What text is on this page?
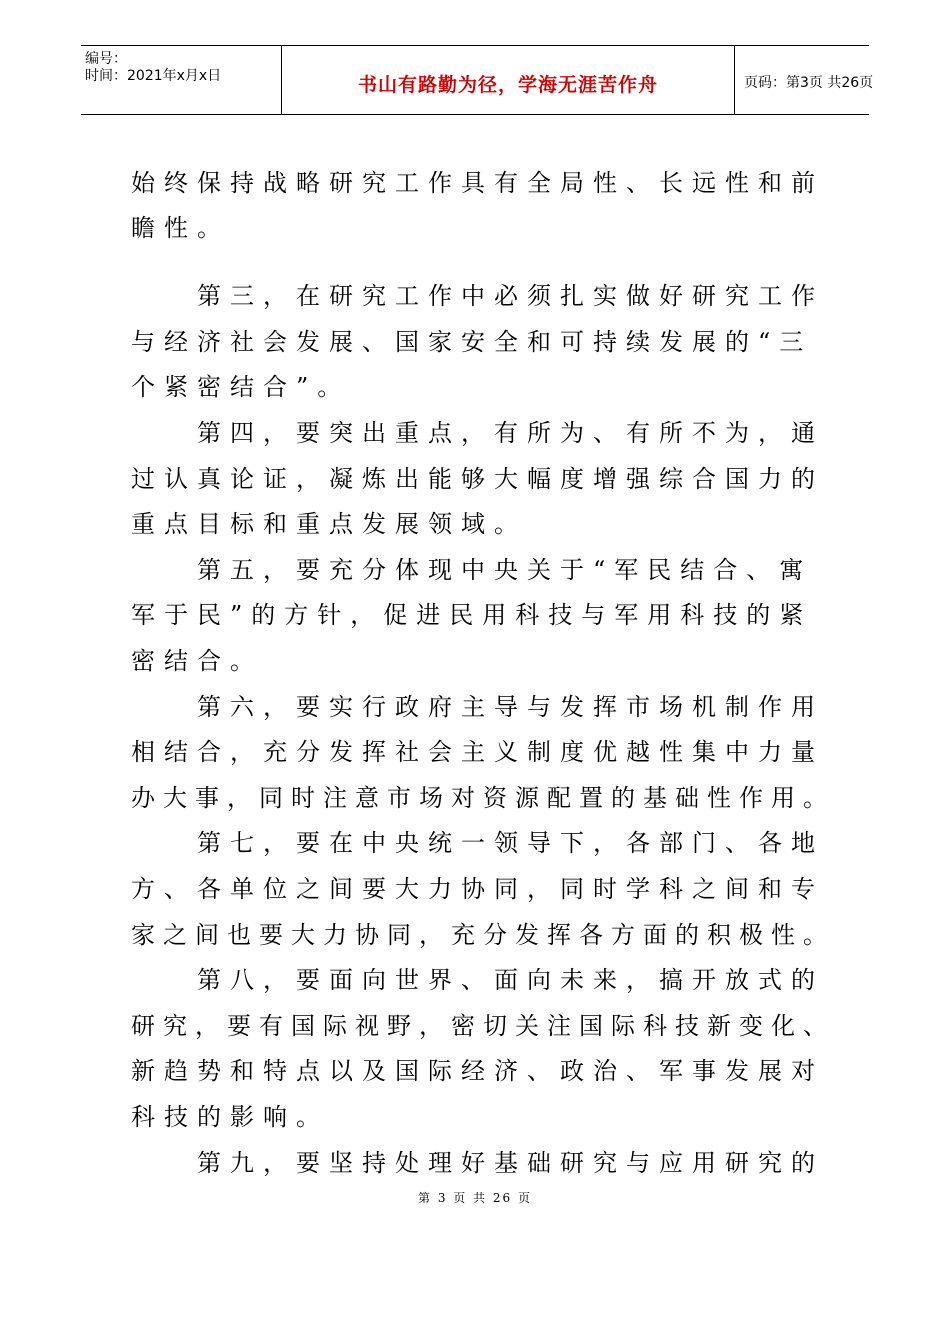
编号：
时间：2021年x月x日	书山有路勤为径，学海无涯苦作舟	页码：第3页 共26页
始终保持战略研究工作具有全局性、长远性和前
瞻性。
第三，在研究工作中必须扎实做好研究工作
与经济社会发展、国家安全和可持续发展的“三
个紧密结合”。
第四，要突出重点，有所为、有所不为，通
过认真论证，凝炼出能够大幅度增强综合国力的
重点目标和重点发展领域。
第五，要充分体现中央关于“军民结合、寓
军于民”的方针，促进民用科技与军用科技的紧
密结合。
第六，要实行政府主导与发挥市场机制作用
相结合，充分发挥社会主义制度优越性集中力量
办大事，同时注意市场对资源配置的基础性作用。
第七，要在中央统一领导下，各部门、各地
方、各单位之间要大力协同，同时学科之间和专
家之间也要大力协同，充分发挥各方面的积极性。
第八，要面向世界、面向未来，搞开放式的
研究，要有国际视野，密切关注国际科技新变化、
新趋势和特点以及国际经济、政治、军事发展对
科技的影响。
第九，要坚持处理好基础研究与应用研究的
第 3 页 共 26 页
